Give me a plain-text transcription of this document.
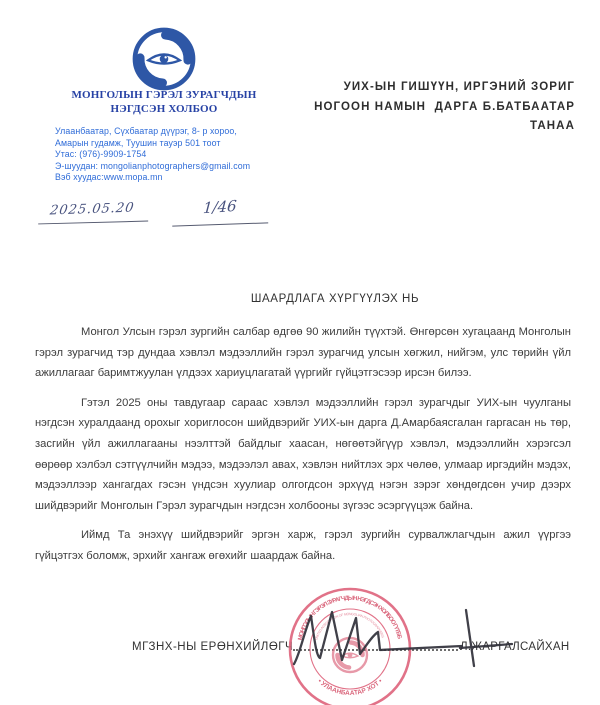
МОНГОЛЫН ГЭРЭЛ ЗУРАГЧДЫН
НЭГДСЭН ХОЛБОО
Улаанбаатар, Сүхбаатар дүүрэг, 8- р хороо,
Амарын гудамж, Туушин тауэр 501 тоот
Утас: (976)-9909-1754
Э-шуудан: mongolianphotographers@gmail.com
Вэб хуудас:www.mopa.mn
УИХ-ЫН ГИШҮҮН, ИРГЭНИЙ ЗОРИГ
НОГООН НАМЫН  ДАРГА Б.БАТБААТАР
ТАНАА
2025.05.20	1/46
ШААРДЛАГА ХҮРГҮҮЛЭХ НЬ

Монгол Улсын гэрэл зургийн салбар өдгөө 90 жилийн түүхтэй. Өнгөрсөн хугацаанд Монголын гэрэл зурагчид тэр дундаа хэвлэл мэдээллийн гэрэл зурагчид улсын хөгжил, нийгэм, улс төрийн үйл ажиллагааг баримтжуулан үлдээх хариуцлагатай үүргийг гүйцэтгэсээр ирсэн билээ.

Гэтэл 2025 оны тавдугаар сараас хэвлэл мэдээллийн гэрэл зурагчдыг УИХ-ын чуулганы нэгдсэн хуралдаанд орохыг хориглосон шийдвэрийг УИХ-ын дарга Д.Амарбаясгалан гаргасан нь төр, засгийн үйл ажиллагааны нээлттэй байдлыг хаасан, нөгөөтэйгүүр хэвлэл, мэдээллийн хэрэгсэл өөрөөр хэлбэл сэтгүүлчийн мэдээ, мэдээлэл авах, хэвлэн нийтлэх эрх чөлөө, улмаар иргэдийн мэдэх, мэдээллээр хангагдах гэсэн үндсэн хуулиар олгогдсон эрхүүд нэгэн зэрэг хөндөгдсөн учир дээрх шийдвэрийг Монголын Гэрэл зурагчдын нэгдсэн холбооны зүгээс эсэргүүцэж байна.

Иймд Та энэхүү шийдвэрийг эргэн харж, гэрэл зургийн сурвалжлагчдын ажил үүргээ гүйцэтгэх боломж, эрхийг хангаж өгөхийг шаардаж байна.

МГЗНХ-НЫ ЕРӨНХИЙЛӨГЧ	Л.ЖАРГАЛСАЙХАН
МОНГОЛЫН ГЭРЭЛ ЗУРАГЧДЫН НЭГДСЭН ХОЛБОО ГҮТББ
• УЛААНБААТАР ХОТ •
UNITED ASSOCIATION OF MONGOLIAN PHOTOGRAPHERS
